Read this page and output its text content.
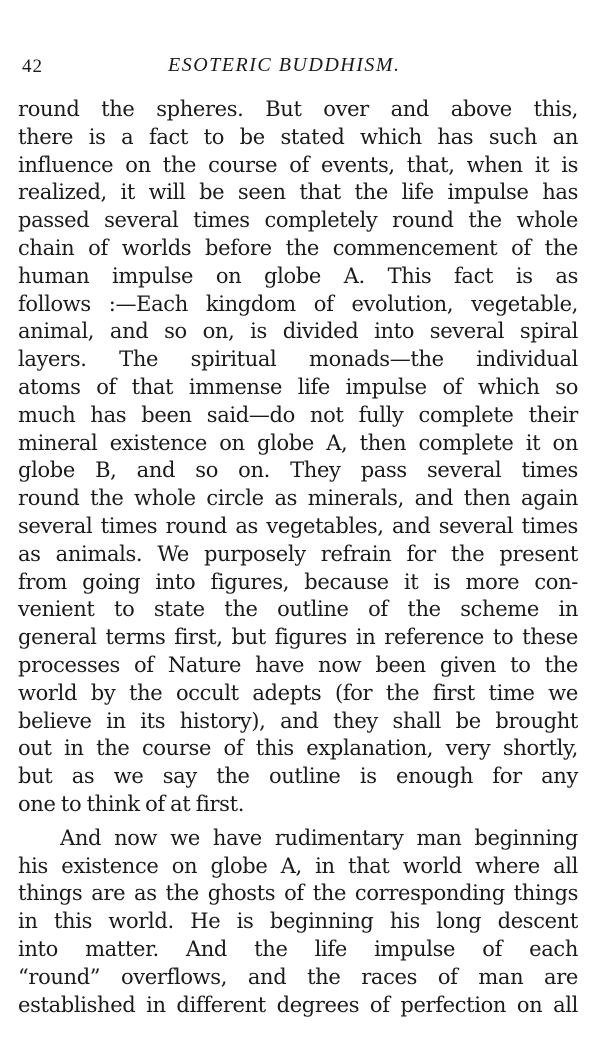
42	ESOTERIC BUDDHISM.
round the spheres. But over and above this,
there is a fact to be stated which has such an
influence on the course of events, that, when it is
realized, it will be seen that the life impulse has
passed several times completely round the whole
chain of worlds before the commencement of the
human impulse on globe A. This fact is as
follows :—Each kingdom of evolution, vegetable,
animal, and so on, is divided into several spiral
layers. The spiritual monads—the individual
atoms of that immense life impulse of which so
much has been said—do not fully complete their
mineral existence on globe A, then complete it on
globe B, and so on. They pass several times
round the whole circle as minerals, and then again
several times round as vegetables, and several times
as animals. We purposely refrain for the present
from going into figures, because it is more con-
venient to state the outline of the scheme in
general terms first, but figures in reference to these
processes of Nature have now been given to the
world by the occult adepts (for the first time we
believe in its history), and they shall be brought
out in the course of this explanation, very shortly,
but as we say the outline is enough for any
one to think of at first.
And now we have rudimentary man beginning
his existence on globe A, in that world where all
things are as the ghosts of the corresponding things
in this world. He is beginning his long descent
into matter. And the life impulse of each
“round” overflows, and the races of man are
established in different degrees of perfection on all
